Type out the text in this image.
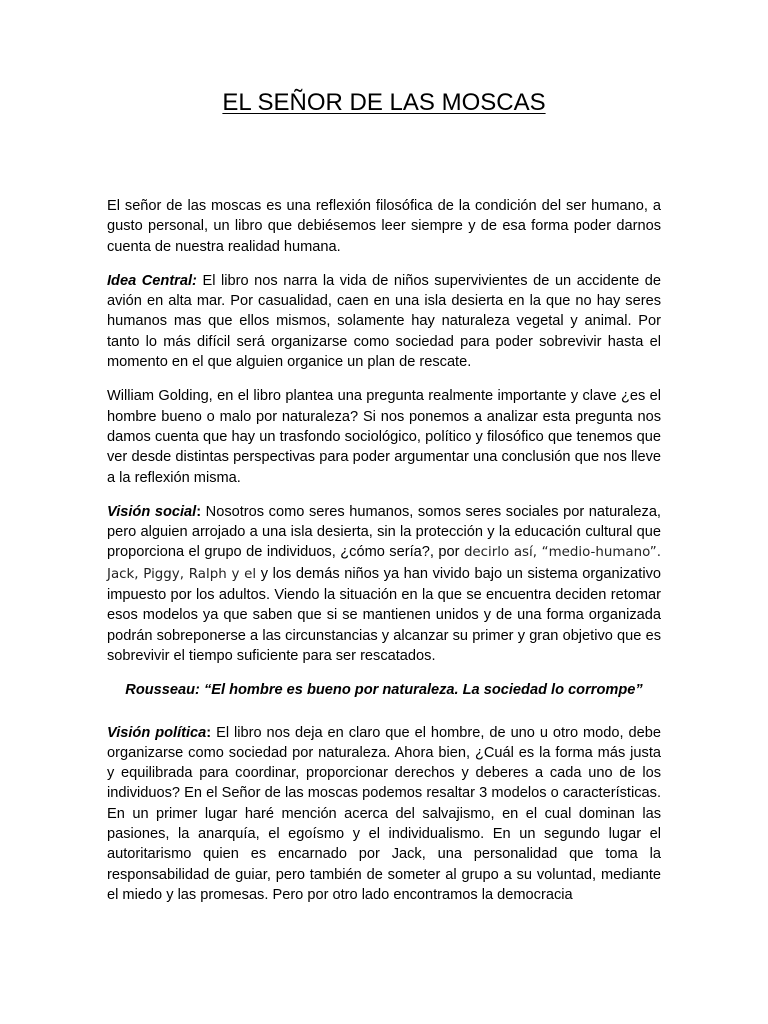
EL SEÑOR DE LAS MOSCAS

El señor de las moscas es una reflexión filosófica de la condición del ser humano, a gusto personal, un libro que debiésemos leer siempre y de esa forma poder darnos cuenta de nuestra realidad humana.

Idea Central: El libro nos narra la vida de niños supervivientes de un accidente de avión en alta mar. Por casualidad, caen en una isla desierta en la que no hay seres humanos mas que ellos mismos, solamente hay naturaleza vegetal y animal. Por tanto lo más difícil será organizarse como sociedad para poder sobrevivir hasta el momento en el que alguien organice un plan de rescate.

William Golding, en el libro plantea una pregunta realmente importante y clave ¿es el hombre bueno o malo por naturaleza? Si nos ponemos a analizar esta pregunta nos damos cuenta que hay un trasfondo sociológico, político y filosófico que tenemos que ver desde distintas perspectivas para poder argumentar una conclusión que nos lleve a la reflexión misma.

Visión social: Nosotros como seres humanos, somos seres sociales por naturaleza, pero alguien arrojado a una isla desierta, sin la protección y la educación cultural que proporciona el grupo de individuos, ¿cómo sería?, por decirlo así, “medio-humano”. Jack, Piggy, Ralph y el y los demás niños ya han vivido bajo un sistema organizativo impuesto por los adultos. Viendo la situación en la que se encuentra deciden retomar esos modelos ya que saben que si se mantienen unidos y de una forma organizada podrán sobreponerse a las circunstancias y alcanzar su primer y gran objetivo que es sobrevivir el tiempo suficiente para ser rescatados.

Rousseau: “El hombre es bueno por naturaleza. La sociedad lo corrompe”

Visión política: El libro nos deja en claro que el hombre, de uno u otro modo, debe organizarse como sociedad por naturaleza. Ahora bien, ¿Cuál es la forma más justa y equilibrada para coordinar, proporcionar derechos y deberes a cada uno de los individuos? En el Señor de las moscas podemos resaltar 3 modelos o características. En un primer lugar haré mención acerca del salvajismo, en el cual dominan las pasiones, la anarquía, el egoísmo y el individualismo. En un segundo lugar el autoritarismo quien es encarnado por Jack, una personalidad que toma la responsabilidad de guiar, pero también de someter al grupo a su voluntad, mediante el miedo y las promesas. Pero por otro lado encontramos la democracia
